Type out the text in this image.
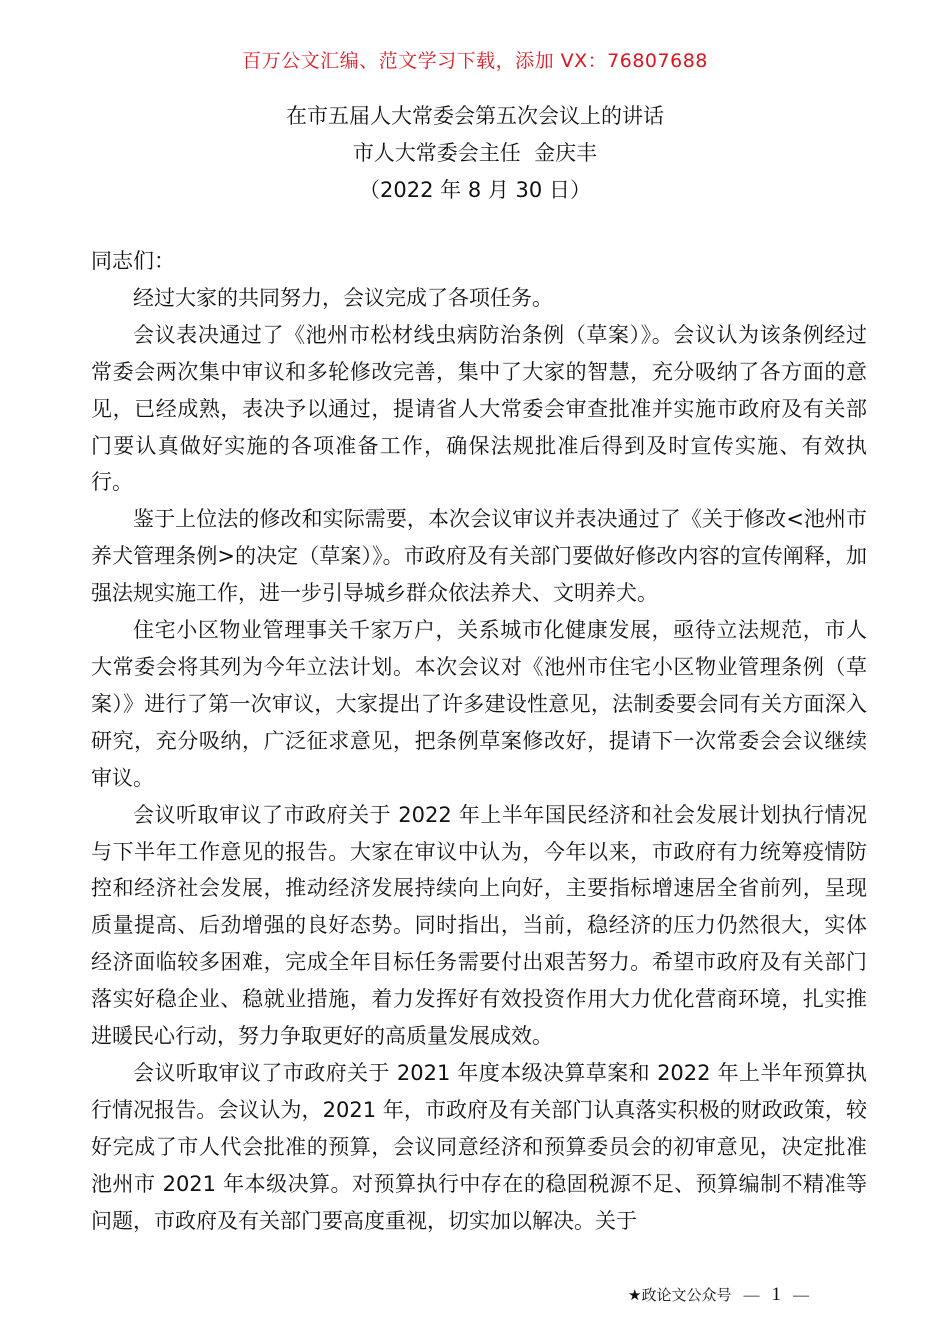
百万公文汇编、范文学习下载，添加 VX：76807688
在市五届人大常委会第五次会议上的讲话
市人大常委会主任  金庆丰
（2022 年 8 月 30 日）

同志们：

经过大家的共同努力，会议完成了各项任务。

会议表决通过了《池州市松材线虫病防治条例（草案）》。会议认为该条例经过常委会两次集中审议和多轮修改完善，集中了大家的智慧，充分吸纳了各方面的意见，已经成熟，表决予以通过，提请省人大常委会审查批准并实施市政府及有关部门要认真做好实施的各项准备工作，确保法规批准后得到及时宣传实施、有效执行。

鉴于上位法的修改和实际需要，本次会议审议并表决通过了《关于修改<池州市养犬管理条例>的决定（草案）》。市政府及有关部门要做好修改内容的宣传阐释，加强法规实施工作，进一步引导城乡群众依法养犬、文明养犬。

住宅小区物业管理事关千家万户，关系城市化健康发展，亟待立法规范，市人大常委会将其列为今年立法计划。本次会议对《池州市住宅小区物业管理条例（草案）》进行了第一次审议，大家提出了许多建设性意见，法制委要会同有关方面深入研究，充分吸纳，广泛征求意见，把条例草案修改好，提请下一次常委会会议继续审议。

会议听取审议了市政府关于 2022 年上半年国民经济和社会发展计划执行情况与下半年工作意见的报告。大家在审议中认为，今年以来，市政府有力统筹疫情防控和经济社会发展，推动经济发展持续向上向好，主要指标增速居全省前列，呈现质量提高、后劲增强的良好态势。同时指出，当前，稳经济的压力仍然很大，实体经济面临较多困难，完成全年目标任务需要付出艰苦努力。希望市政府及有关部门落实好稳企业、稳就业措施，着力发挥好有效投资作用大力优化营商环境，扎实推进暖民心行动，努力争取更好的高质量发展成效。

会议听取审议了市政府关于 2021 年度本级决算草案和 2022 年上半年预算执行情况报告。会议认为，2021 年，市政府及有关部门认真落实积极的财政政策，较好完成了市人代会批准的预算，会议同意经济和预算委员会的初审意见，决定批准池州市 2021 年本级决算。对预算执行中存在的稳固税源不足、预算编制不精准等问题，市政府及有关部门要高度重视，切实加以解决。关于

★政论文公众号 — 1 —
